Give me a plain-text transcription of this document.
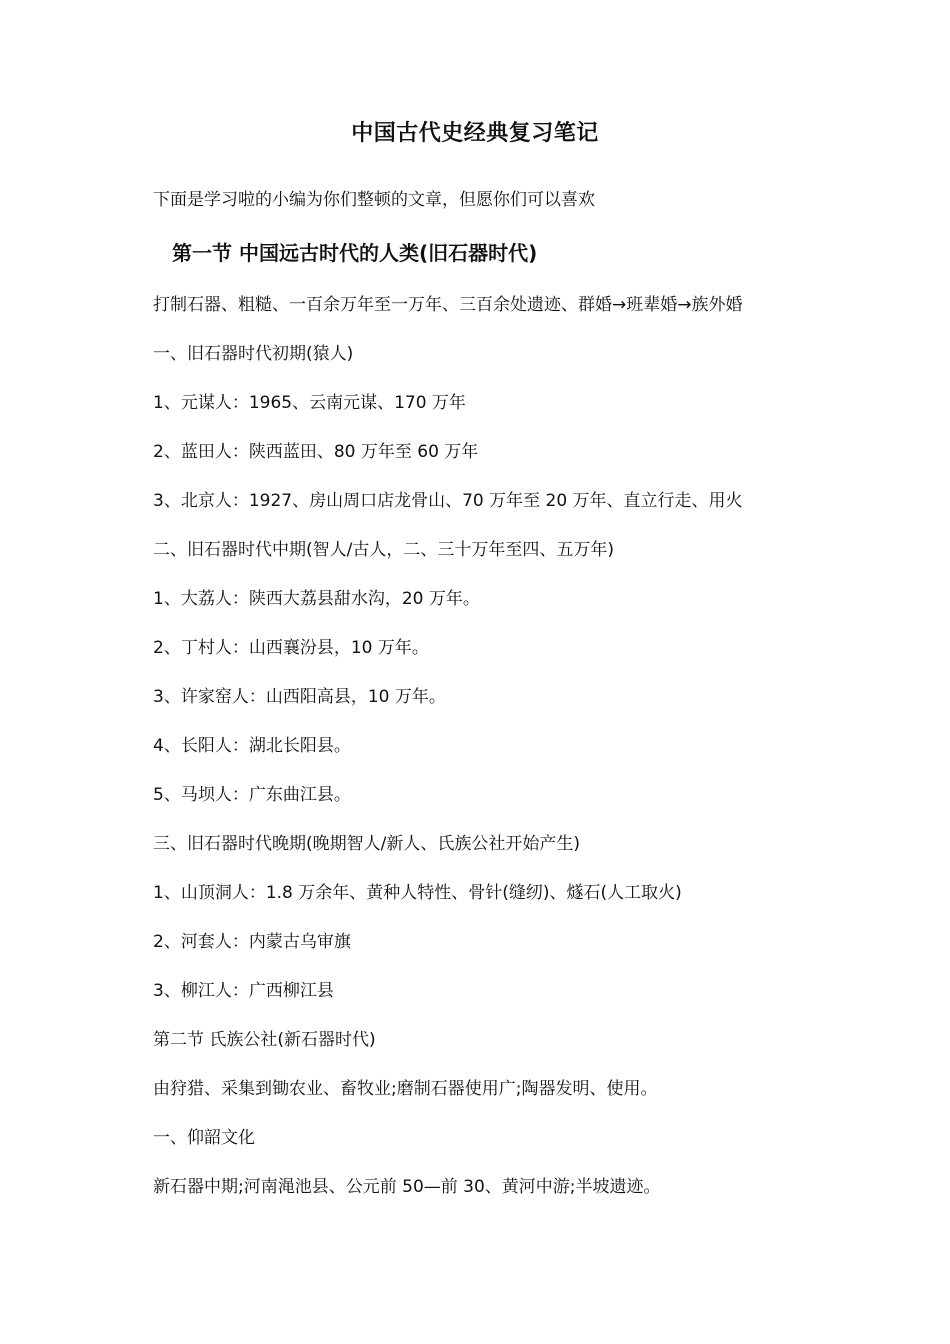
中国古代史经典复习笔记
下面是学习啦的小编为你们整顿的文章，但愿你们可以喜欢
第一节 中国远古时代的人类(旧石器时代)
打制石器、粗糙、一百余万年至一万年、三百余处遗迹、群婚→班辈婚→族外婚
一、旧石器时代初期(猿人)
1、元谋人：1965、云南元谋、170 万年
2、蓝田人：陕西蓝田、80 万年至 60 万年
3、北京人：1927、房山周口店龙骨山、70 万年至 20 万年、直立行走、用火
二、旧石器时代中期(智人/古人，二、三十万年至四、五万年)
1、大荔人：陕西大荔县甜水沟，20 万年。
2、丁村人：山西襄汾县，10 万年。
3、许家窑人：山西阳高县，10 万年。
4、长阳人：湖北长阳县。
5、马坝人：广东曲江县。
三、旧石器时代晚期(晚期智人/新人、氏族公社开始产生)
1、山顶洞人：1.8 万余年、黄种人特性、骨针(缝纫)、燧石(人工取火)
2、河套人：内蒙古乌审旗
3、柳江人：广西柳江县
第二节 氏族公社(新石器时代)
由狩猎、采集到锄农业、畜牧业;磨制石器使用广;陶器发明、使用。
一、仰韶文化
新石器中期;河南渑池县、公元前 50—前 30、黄河中游;半坡遗迹。
